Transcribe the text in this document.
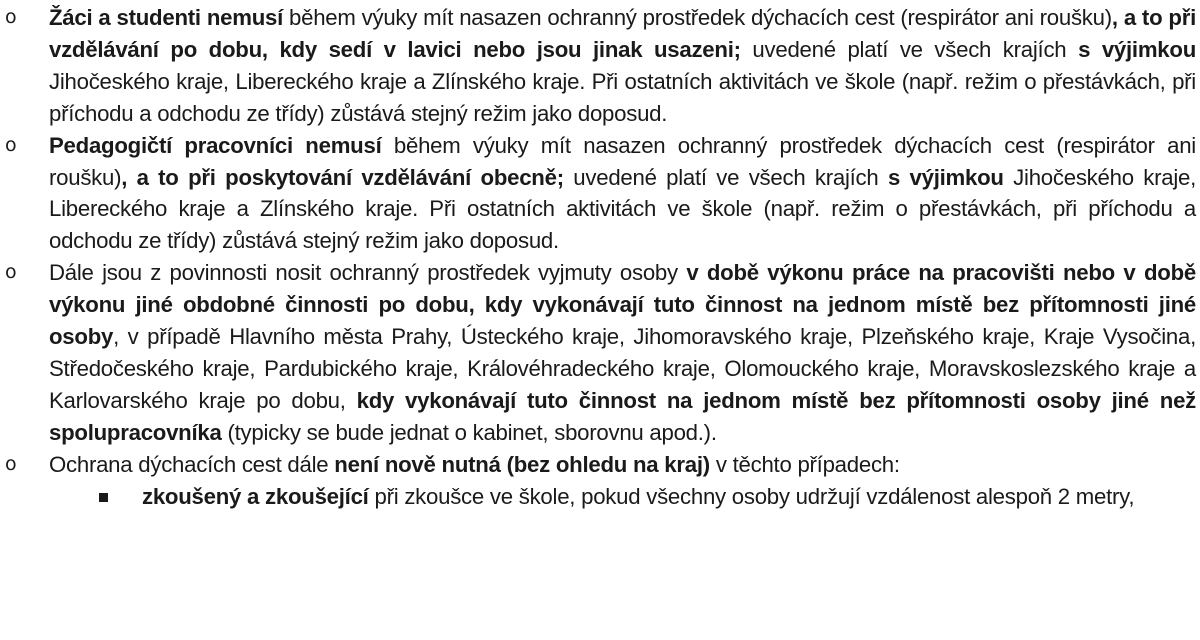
o Žáci a studenti nemusí během výuky mít nasazen ochranný prostředek dýchacích cest (respirátor ani roušku), a to při vzdělávání po dobu, kdy sedí v lavici nebo jsou jinak usazeni; uvedené platí ve všech krajích s výjimkou Jihočeského kraje, Libereckého kraje a Zlínského kraje. Při ostatních aktivitách ve škole (např. režim o přestávkách, při příchodu a odchodu ze třídy) zůstává stejný režim jako doposud.
o Pedagogičtí pracovníci nemusí během výuky mít nasazen ochranný prostředek dýchacích cest (respirátor ani roušku), a to při poskytování vzdělávání obecně; uvedené platí ve všech krajích s výjimkou Jihočeského kraje, Libereckého kraje a Zlínského kraje. Při ostatních aktivitách ve škole (např. režim o přestávkách, při příchodu a odchodu ze třídy) zůstává stejný režim jako doposud.
o Dále jsou z povinnosti nosit ochranný prostředek vyjmuty osoby v době výkonu práce na pracovišti nebo v době výkonu jiné obdobné činnosti po dobu, kdy vykonávají tuto činnost na jednom místě bez přítomnosti jiné osoby, v případě Hlavního města Prahy, Ústeckého kraje, Jihomoravského kraje, Plzeňského kraje, Kraje Vysočina, Středočeského kraje, Pardubického kraje, Královéhradeckého kraje, Olomouckého kraje, Moravskoslezského kraje a Karlovarského kraje po dobu, kdy vykonávají tuto činnost na jednom místě bez přítomnosti osoby jiné než spolupracovníka (typicky se bude jednat o kabinet, sborovnu apod.).
o Ochrana dýchacích cest dále není nově nutná (bez ohledu na kraj) v těchto případech:
zkoušený a zkoušející při zkoušce ve škole, pokud všechny osoby udržují vzdálenost alespoň 2 metry,
